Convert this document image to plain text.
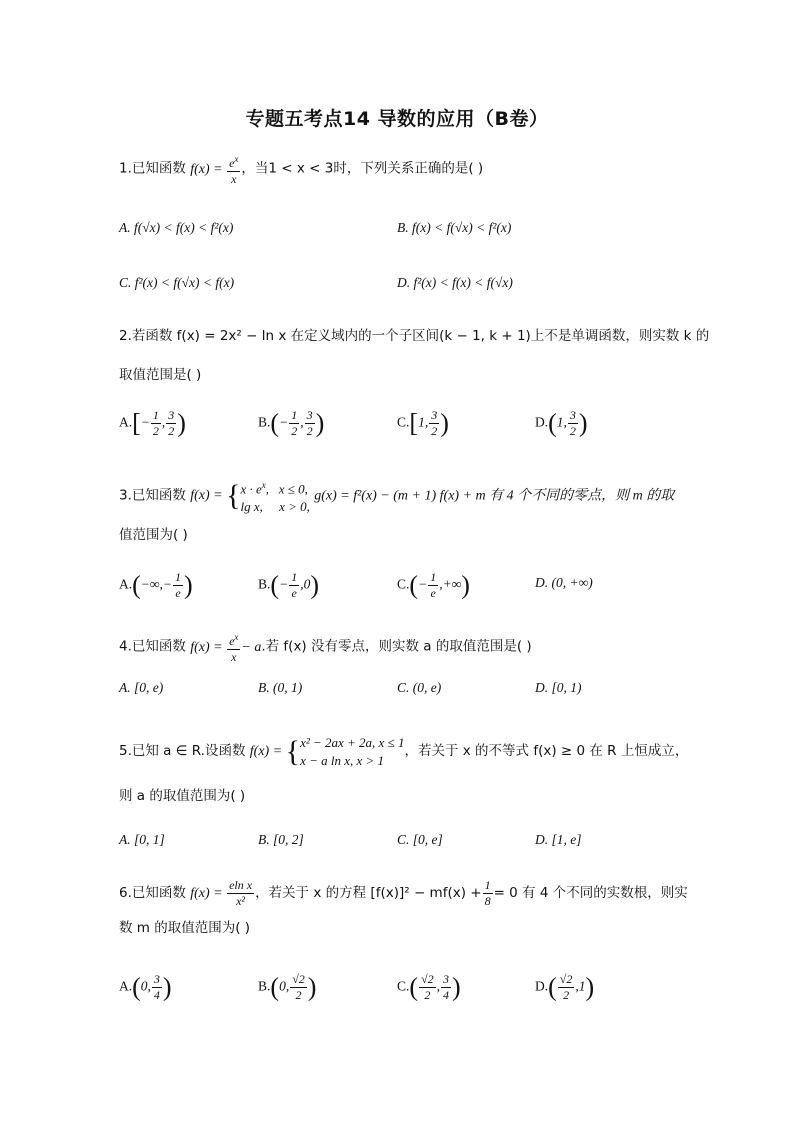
专题五考点14 导数的应用（B卷）
1.已知函数 $f(x) = \frac{e^x}{x}$ ，当1 < x < 3时，下列关系正确的是( )
A. f(√x) < f(x) < f²(x)	B. f(x) < f(√x) < f²(x)
C. f²(x) < f(√x) < f(x)	D. f²(x) < f(x) < f(√x)
2.若函数 f(x) = 2x² − ln x 在定义域内的一个子区间(k − 1, k + 1)上不是单调函数，则实数 k 的
取值范围是( )
$A.[- \frac{1}{2}$ , $\frac{3}{2}$ )	$B.(- \frac{1}{2}$ , $\frac{3}{2}$ )	C.[1, $\frac{3}{2}$ )	D.(1, $\frac{3}{2}$ )
3.已知函数 $f(x) = \{x \cdot e^x$,   x ≤ 0,
lg x,     x > 0, g(x) = f²(x) − (m + 1) f(x) + m 有 4 个不同的零点，则 m 的取
值范围为( )
$A.(-\infty,- \frac{1}{e}$ )	$B.(- \frac{1}{e} ,0)$	$C.(- \frac{1}{e}$ ,+∞)	D. (0, +∞)
4.已知函数 $f(x) = \frac{e^x}{x} - a$.若 f(x) 没有零点，则实数 a 的取值范围是( )
A. [0, e)	B. (0, 1)	C. (0, e)	D. [0, 1)
5.已知 a ∈ R.设函数 f(x) = {x² − 2ax + 2a, x ≤ 1
x − a ln x, x > 1，若关于 x 的不等式 f(x) ≥ 0 在 R 上恒成立，
则 a 的取值范围为( )
A. [0, 1]	B. [0, 2]	C. [0, e]	D. [1, e]
6.已知函数 $f(x) = \frac{\text{eln x}}{\text{x²}}$ ，若关于 x 的方程 $[f(x)]^2 - mf(x) + \frac{1}{8} = 0$ 有 4 个不同的实数根，则实
数 m 的取值范围为( )
A.(0, $\frac{3}{4}$ )	B.(0, $\frac{√2}{2}$ )	$C.( \frac{√2}{2}$ , $\frac{3}{4}$ )	$D.( \frac{√2}{2} ,1)$
